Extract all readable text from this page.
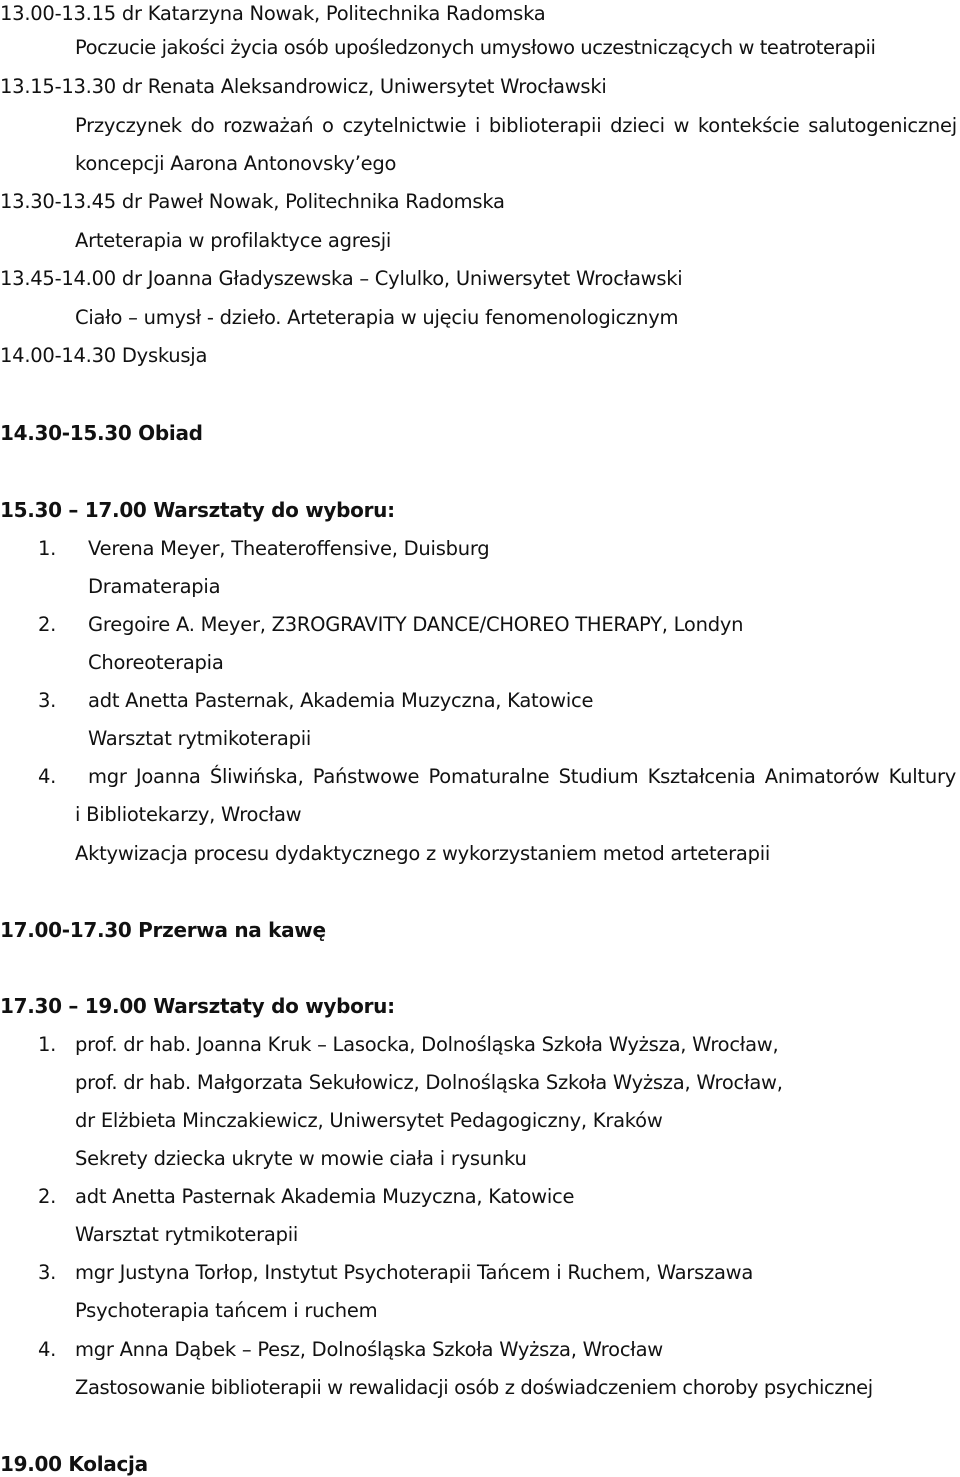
13.00-13.15 dr Katarzyna Nowak, Politechnika Radomska
Poczucie jakości życia osób upośledzonych umysłowo uczestniczących w teatroterapii
13.15-13.30 dr Renata Aleksandrowicz, Uniwersytet Wrocławski
Przyczynek do rozważań o czytelnictwie i biblioterapii dzieci w kontekście salutogenicznej
koncepcji Aarona Antonovsky’ego
13.30-13.45 dr Paweł Nowak, Politechnika Radomska
Arteterapia w profilaktyce agresji
13.45-14.00 dr Joanna Gładyszewska – Cylulko, Uniwersytet Wrocławski
Ciało – umysł - dzieło. Arteterapia w ujęciu fenomenologicznym
14.00-14.30 Dyskusja
14.30-15.30 Obiad
15.30 – 17.00 Warsztaty do wyboru:
1. Verena Meyer, Theateroffensive, Duisburg
Dramaterapia
2. Gregoire A. Meyer, Z3ROGRAVITY DANCE/CHOREO THERAPY, Londyn
Choreoterapia
3. adt Anetta Pasternak, Akademia Muzyczna, Katowice
Warsztat rytmikoterapii
4. mgr Joanna Śliwińska, Państwowe Pomaturalne Studium Kształcenia Animatorów Kultury
i Bibliotekarzy, Wrocław
Aktywizacja procesu dydaktycznego z wykorzystaniem metod arteterapii
17.00-17.30 Przerwa na kawę
17.30 – 19.00 Warsztaty do wyboru:
1. prof. dr hab. Joanna Kruk – Lasocka, Dolnośląska Szkoła Wyższa, Wrocław,
prof. dr hab. Małgorzata Sekułowicz, Dolnośląska Szkoła Wyższa, Wrocław,
dr Elżbieta Minczakiewicz, Uniwersytet Pedagogiczny, Kraków
Sekrety dziecka ukryte w mowie ciała i rysunku
2. adt Anetta Pasternak Akademia Muzyczna, Katowice
Warsztat rytmikoterapii
3. mgr Justyna Torłop, Instytut Psychoterapii Tańcem i Ruchem, Warszawa
Psychoterapia tańcem i ruchem
4. mgr Anna Dąbek – Pesz, Dolnośląska Szkoła Wyższa, Wrocław
Zastosowanie biblioterapii w rewalidacji osób z doświadczeniem choroby psychicznej
19.00 Kolacja
